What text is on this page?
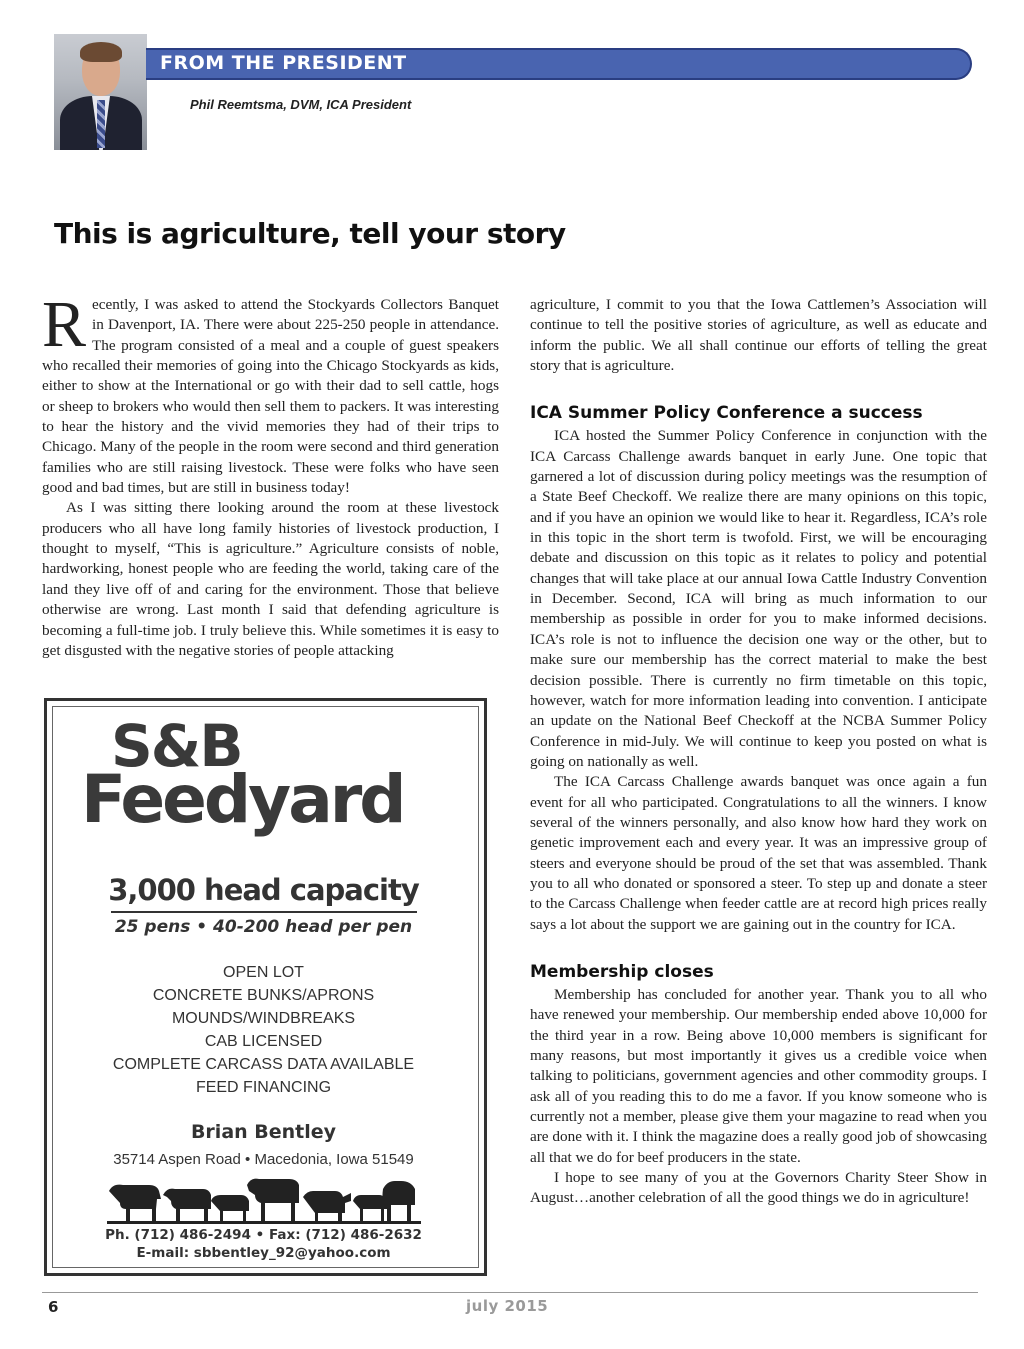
FROM THE PRESIDENT
Phil Reemtsma, DVM, ICA President
This is agriculture, tell your story

Recently, I was asked to attend the Stockyards Collectors Banquet in Davenport, IA. There were about 225-250 people in attendance. The program consisted of a meal and a couple of guest speakers who recalled their memories of going into the Chicago Stockyards as kids, either to show at the International or go with their dad to sell cattle, hogs or sheep to brokers who would then sell them to packers. It was interesting to hear the history and the vivid memories they had of their trips to Chicago. Many of the people in the room were second and third generation families who are still raising livestock. These were folks who have seen good and bad times, but are still in business today!

As I was sitting there looking around the room at these livestock producers who all have long family histories of livestock production, I thought to myself, “This is agriculture.” Agriculture consists of noble, hardworking, honest people who are feeding the world, taking care of the land they live off of and caring for the environment. Those that believe otherwise are wrong. Last month I said that defending agriculture is becoming a full-time job. I truly believe this. While sometimes it is easy to get disgusted with the negative stories of people attacking

agriculture, I commit to you that the Iowa Cattlemen’s Association will continue to tell the positive stories of agriculture, as well as educate and inform the public. We all shall continue our efforts of telling the great story that is agriculture.

ICA Summer Policy Conference a success

ICA hosted the Summer Policy Conference in conjunction with the ICA Carcass Challenge awards banquet in early June. One topic that garnered a lot of discussion during policy meetings was the resumption of a State Beef Checkoff. We realize there are many opinions on this topic, and if you have an opinion we would like to hear it. Regardless, ICA’s role in this topic in the short term is twofold. First, we will be encouraging debate and discussion on this topic as it relates to policy and potential changes that will take place at our annual Iowa Cattle Industry Convention in December. Second, ICA will bring as much information to our membership as possible in order for you to make informed decisions. ICA’s role is not to influence the decision one way or the other, but to make sure our membership has the correct material to make the best decision possible. There is currently no firm timetable on this topic, however, watch for more information leading into convention. I anticipate an update on the National Beef Checkoff at the NCBA Summer Policy Conference in mid-July. We will continue to keep you posted on what is going on nationally as well.

The ICA Carcass Challenge awards banquet was once again a fun event for all who participated. Congratulations to all the winners. I know several of the winners personally, and also know how hard they work on genetic improvement each and every year. It was an impressive group of steers and everyone should be proud of the set that was assembled. Thank you to all who donated or sponsored a steer. To step up and donate a steer to the Carcass Challenge when feeder cattle are at record high prices really says a lot about the support we are gaining out in the country for ICA.

Membership closes

Membership has concluded for another year. Thank you to all who have renewed your membership. Our membership ended above 10,000 for the third year in a row. Being above 10,000 members is significant for many reasons, but most importantly it gives us a credible voice when talking to politicians, government agencies and other commodity groups. I ask all of you reading this to do me a favor. If you know someone who is currently not a member, please give them your magazine to read when you are done with it. I think the magazine does a really good job of showcasing all that we do for beef producers in the state.

I hope to see many of you at the Governors Charity Steer Show in August…another celebration of all the good things we do in agriculture!

S&B
Feedyard
3,000 head capacity
25 pens • 40-200 head per pen
OPEN LOT
CONCRETE BUNKS/APRONS
MOUNDS/WINDBREAKS
CAB LICENSED
COMPLETE CARCASS DATA AVAILABLE
FEED FINANCING
Brian Bentley
35714 Aspen Road • Macedonia, Iowa 51549
Ph. (712) 486-2494 • Fax: (712) 486-2632
E-mail: sbbentley_92@yahoo.com
6	july 2015
